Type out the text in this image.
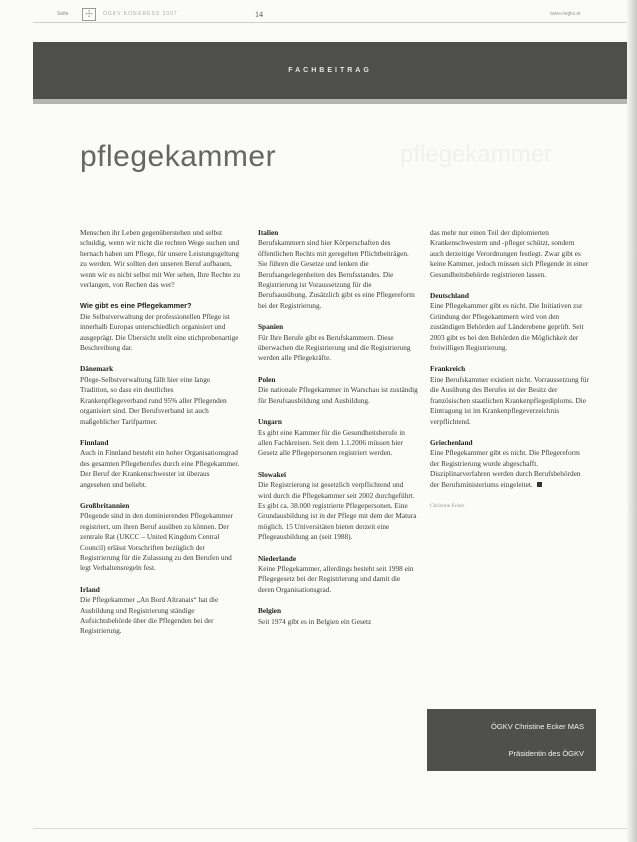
Seite	☩	ÖGKV KONGRESS 2007	14	www.oegkv.at
FACHBEITRAG
pflegekammer	pflegekammer

Menschen ihr Leben gegenüberstehen und selbst schuldig, wenn wir nicht die rechten Wege suchen und hernach haben um Pflege, für unsere Leistungsgeltung zu werden. Wir sollten den unseren Beruf aufbauen, wenn wir es nicht selbst mit Wer sehen, Ihre Rechte zu verlangen, von Rechen das wer?

Wie gibt es eine Pflegekammer?

Die Selbstverwaltung der professionellen Pflege ist innerhalb Europas unterschiedlich organisiert und ausgeprägt. Die Übersicht stellt eine stichprobenartige Beschreibung dar.

Dänemark

Pflege-Selbstverwaltung fällt hier eine lange Tradition, so dass ein deutliches Krankenpflegeverband rund 95% aller Pflegenden organisiert sind. Der Berufsverband ist auch maßgeblicher Tarifpartner.

Finnland

Auch in Finnland besteht ein hoher Organisationsgrad des gesamten Pflegeberufes durch eine Pflegekammer. Der Beruf der Krankenschwester ist überaus angesehen und beliebt.

Großbritannien

Pflegende sind in den dominierenden Pflegekammer registriert, um ihren Beruf ausüben zu können. Der zentrale Rat (UKCC – United Kingdom Central Council) erlässt Vorschriften bezüglich der Registrierung für die Zulassung zu den Berufen und legt Verhaltensregeln fest.

Irland

Die Pflegekammer „An Bord Altranais“ hat die Ausbildung und Registrierung ständige Aufsichtsbehörde über die Pflegenden bei der Registrierung.

Italien

Berufskammern sind hier Körperschaften des öffentlichen Rechts mit geregelten Pflichtbeiträgen. Sie führen die Gesetze und lenken die Berufsangelegenheiten des Berufsstandes. Die Registrierung ist Voraussetzung für die Berufsausübung. Zusätzlich gibt es eine Pflegereform bei der Registrierung.

Spanien

Für Ihre Berufe gibt es Berufskammern. Diese überwachen die Registrierung und die Registrierung werden alle Pflegekräfte.

Polen

Die nationale Pflegekammer in Warschau ist zuständig für Berufsausbildung und Ausbildung.

Ungarn

Es gibt eine Kammer für die Gesundheitsberufe in allen Fachkreisen. Seit dem 1.1.2006 müssen hier Gesetz alle Pflegepersonen registriert werden.

Slowakei

Die Registrierung ist gesetzlich verpflichtend und wird durch die Pflegekammer seit 2002 durchgeführt. Es gibt ca. 38.000 registrierte Pflegepersonen. Eine Grundausbildung ist in der Pflege mit dem der Matura möglich. 15 Universitäten bieten derzeit eine Pflegeausbildung an (seit 1988).

Niederlande

Keine Pflegekammer, allerdings besteht seit 1998 ein Pflegegesetz bei der Registrierung und damit die deren Organisationsgrad.

Belgien

Seit 1974 gibt es in Belgien ein Gesetz

das mehr nur einen Teil der diplomierten Krankenschwestern und -pfleger schützt, sondern auch derzeitige Verordnungen festlegt. Zwar gibt es keine Kammer, jedoch müssen sich Pflegende in einer Gesundheitsbehörde registrieren lassen.

Deutschland

Eine Pflegekammer gibt es nicht. Die Initiativen zur Gründung der Pflegekammern wird von den zuständigen Behörden auf Länderebene geprüft. Seit 2003 gibt es bei den Behörden die Möglichkeit der freiwilligen Registrierung.

Frankreich

Eine Berufskammer existiert nicht. Vorraussetzung für die Ausübung des Berufes ist der Besitz der französischen staatlichen Krankenpflegediploms. Die Eintragung ist im Krankenpflegeverzeichnis verpflichtend.

Griechenland

Eine Pflegekammer gibt es nicht. Die Pflegereform der Registrierung wurde abgeschafft. Disziplinarverfahren werden durch Berufsbehörden der Berufsministeriums eingeleitet.

Christine Ecker
ÖGKV Christine Ecker MAS
Präsidentin des ÖGKV
